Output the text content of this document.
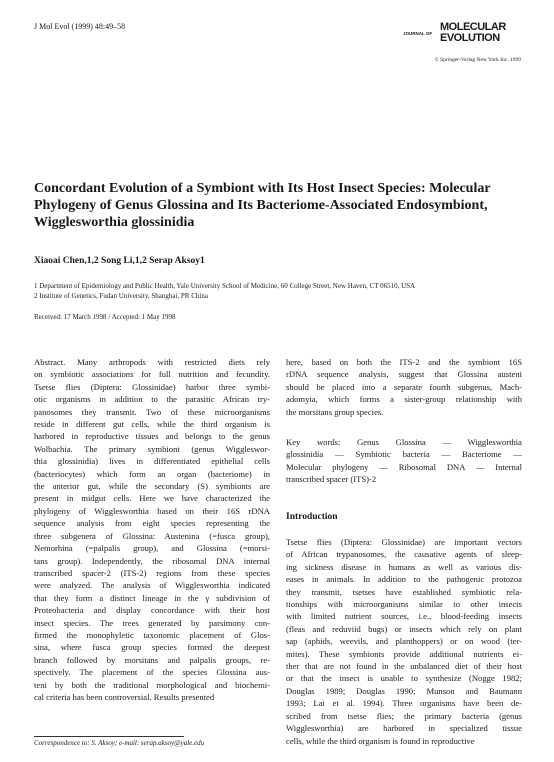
J Mol Evol (1999) 48:49–58
JOURNAL OF
MOLECULAR
EVOLUTION
© Springer-Verlag New York Inc. 1999
Concordant Evolution of a Symbiont with Its Host Insect Species: Molecular Phylogeny of Genus Glossina and Its Bacteriome-Associated Endosymbiont, Wigglesworthia glossinidia
Xiaoai Chen,1,2 Song Li,1,2 Serap Aksoy1
1 Department of Epidemiology and Public Health, Yale University School of Medicine, 60 College Street, New Haven, CT 06510, USA
2 Institute of Genetics, Fudan University, Shanghai, PR China
Received: 17 March 1998 / Accepted: 1 May 1998
Abstract. Many arthropods with restricted diets rely
on symbiotic associations for full nutrition and fecundity.
Tsetse flies (Diptera: Glossinidae) harbor three symbi-
otic organisms in addition to the parasitic African try-
panosomes they transmit. Two of these microorganisms
reside in different gut cells, while the third organism is
harbored in reproductive tissues and belongs to the genus
Wolbachia. The primary symbiont (genus Wiggleswor-
thia glossinidia) lives in differentiated epithelial cells
(bacteriocytes) which form an organ (bacteriome) in
the anterior gut, while the secondary (S) symbionts are
present in midgut cells. Here we have characterized the
phylogeny of Wigglesworthia based on their 16S rDNA
sequence analysis from eight species representing the
three subgenera of Glossina: Austenina (=fusca group),
Nemorhina (=palpalis group), and Glossina (=morsi-
tans group). Independently, the ribosomal DNA internal
transcribed spacer-2 (ITS-2) regions from these species
were analyzed. The analysis of Wigglesworthia indicated
that they form a distinct lineage in the γ subdivision of
Proteobacteria and display concordance with their host
insect species. The trees generated by parsimony con-
firmed the monophyletic taxonomic placement of Glos-
sina, where fusca group species formed the deepest
branch followed by morsitans and palpalis groups, re-
spectively. The placement of the species Glossina aus-
teni by both the traditional morphological and biochemi-
cal criteria has been controversial. Results presented
here, based on both the ITS-2 and the symbiont 16S
rDNA sequence analysis, suggest that Glossina austeni
should be placed into a separate fourth subgenus, Mach-
adomyia, which forms a sister-group relationship with
the morsitans group species.
Key words: Genus Glossina — Wigglesworthia
glossinidia — Symbiotic bacteria — Bacteriome —
Molecular phylogeny — Ribosomal DNA — Internal
transcribed spacer (ITS)-2
Introduction
Tsetse flies (Diptera: Glossinidae) are important vectors
of African trypanosomes, the causative agents of sleep-
ing sickness disease in humans as well as various dis-
eases in animals. In addition to the pathogenic protozoa
they transmit, tsetses have established symbiotic rela-
tionships with microorganisms similar to other insects
with limited nutrient sources, i.e., blood-feeding insects
(fleas and reduviid bugs) or insects which rely on plant
sap (aphids, weevils, and planthoppers) or on wood (ter-
mites). These symbionts provide additional nutrients ei-
ther that are not found in the unbalanced diet of their host
or that the insect is unable to synthesize (Nogge 1982;
Douglas 1989; Douglas 1990; Munson and Baumann
1993; Lai et al. 1994). Three organisms have been de-
scribed from tsetse flies; the primary bacteria (genus
Wigglesworthia) are harbored in specialized tissue
cells, while the third organism is found in reproductive
Correspondence to: S. Aksoy; e-mail: serap.aksoy@yale.edu
